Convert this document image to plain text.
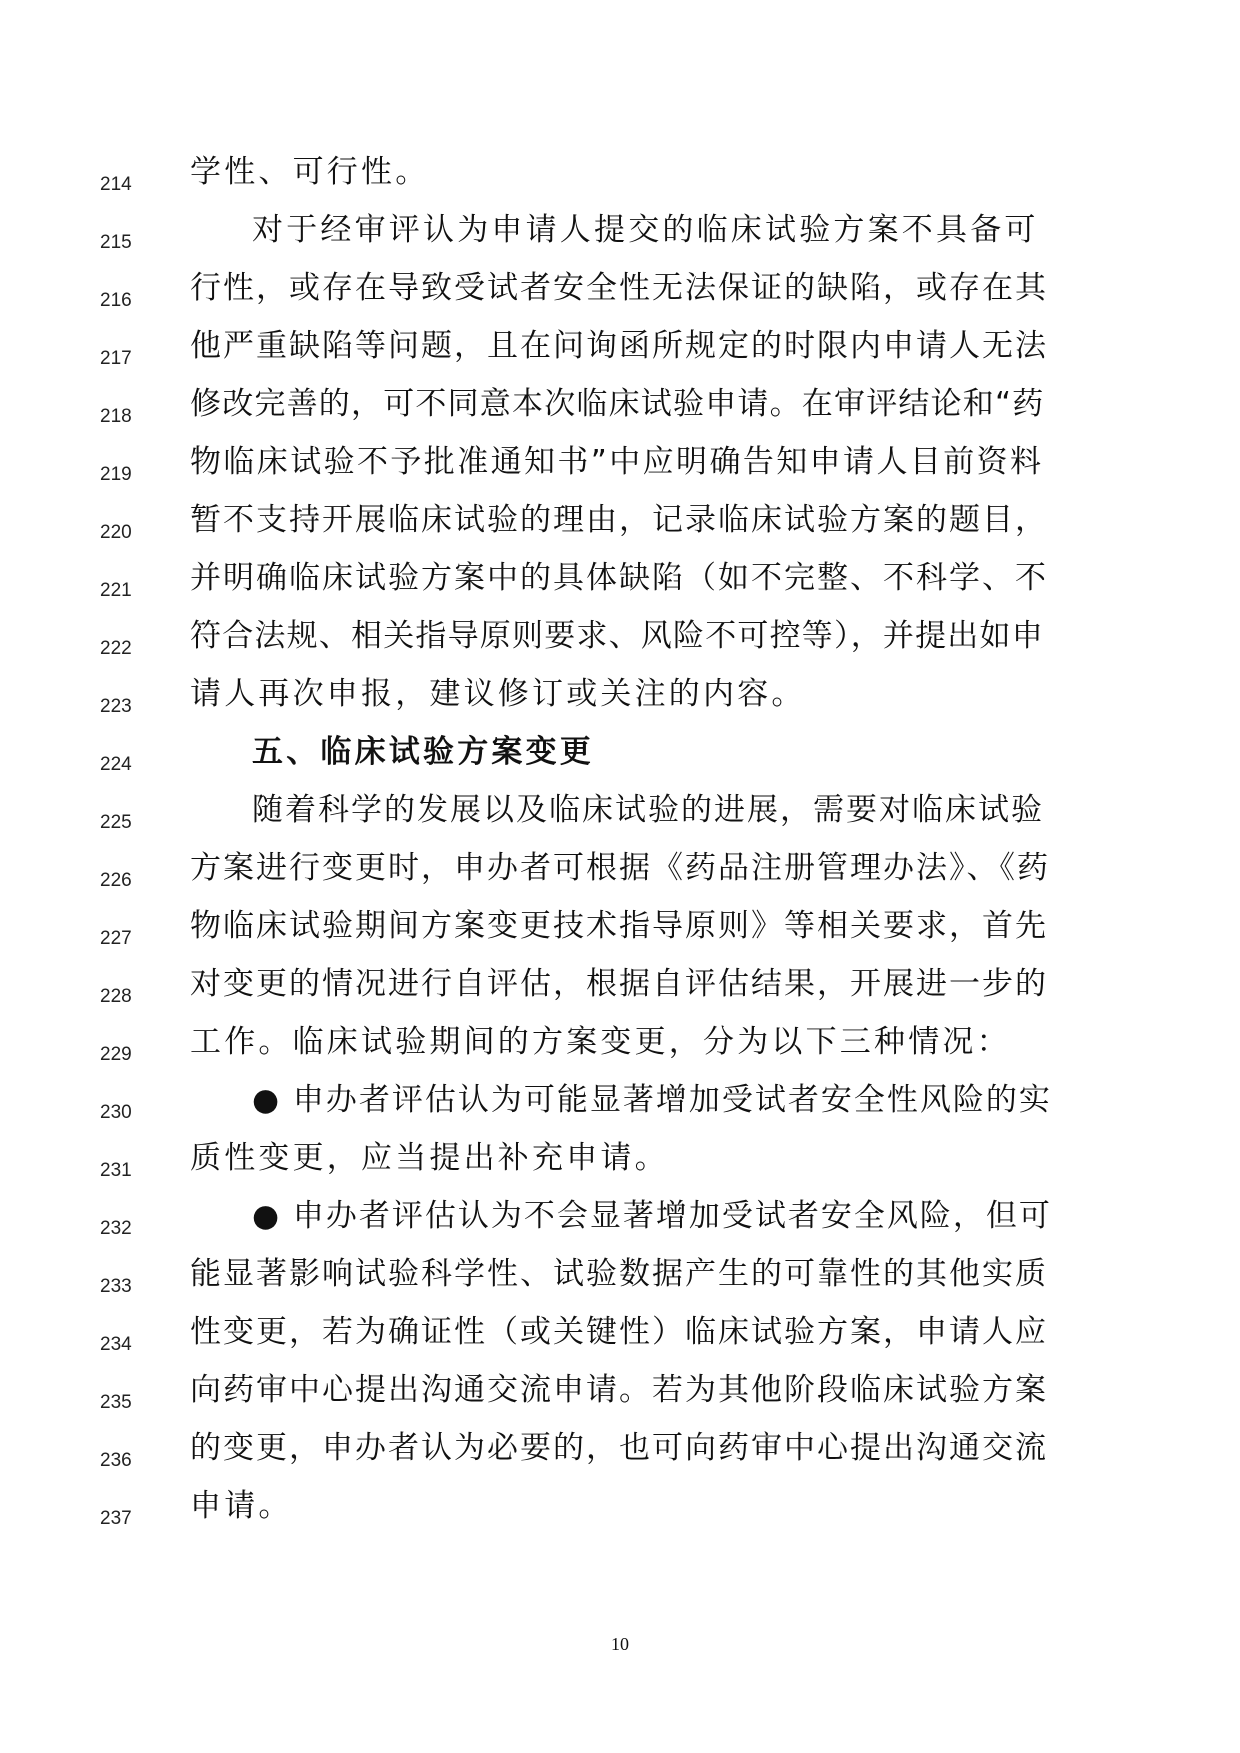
214	学性、可行性。
215	对于经审评认为申请人提交的临床试验方案不具备可
216	行性，或存在导致受试者安全性无法保证的缺陷，或存在其
217	他严重缺陷等问题，且在问询函所规定的时限内申请人无法
218	修改完善的，可不同意本次临床试验申请。在审评结论和“药
219	物临床试验不予批准通知书”中应明确告知申请人目前资料
220	暂不支持开展临床试验的理由，记录临床试验方案的题目，
221	并明确临床试验方案中的具体缺陷（如不完整、不科学、不
222	符合法规、相关指导原则要求、风险不可控等），并提出如申
223	请人再次申报，建议修订或关注的内容。
224	五、临床试验方案变更
225	随着科学的发展以及临床试验的进展，需要对临床试验
226	方案进行变更时，申办者可根据《药品注册管理办法》、《药
227	物临床试验期间方案变更技术指导原则》等相关要求，首先
228	对变更的情况进行自评估，根据自评估结果，开展进一步的
229	工作。临床试验期间的方案变更，分为以下三种情况：
230	● 申办者评估认为可能显著增加受试者安全性风险的实
231	质性变更，应当提出补充申请。
232	● 申办者评估认为不会显著增加受试者安全风险，但可
233	能显著影响试验科学性、试验数据产生的可靠性的其他实质
234	性变更，若为确证性（或关键性）临床试验方案，申请人应
235	向药审中心提出沟通交流申请。若为其他阶段临床试验方案
236	的变更，申办者认为必要的，也可向药审中心提出沟通交流
237	申请。
10
